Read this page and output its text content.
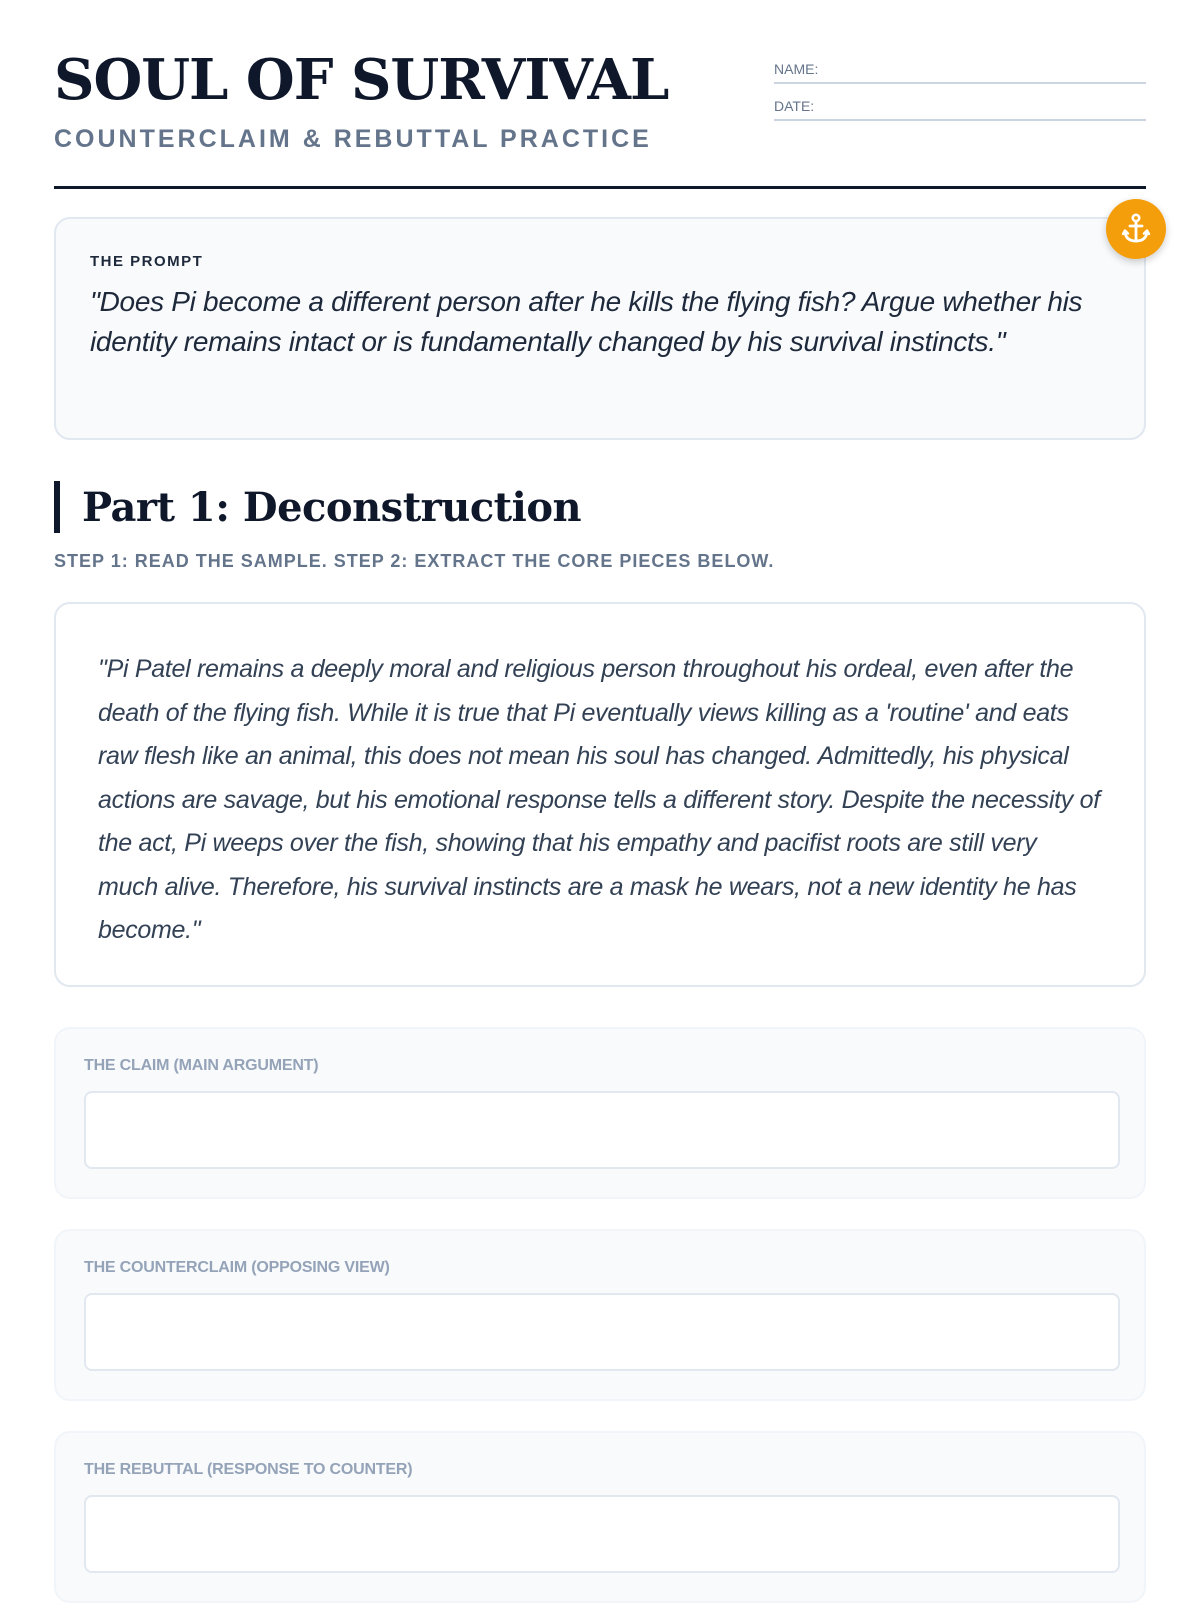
SOUL OF SURVIVAL
COUNTERCLAIM & REBUTTAL PRACTICE
NAME:
DATE:
THE PROMPT
"Does Pi become a different person after he kills the flying fish? Argue whether his identity remains intact or is fundamentally changed by his survival instincts."
Part 1: Deconstruction
STEP 1: READ THE SAMPLE. STEP 2: EXTRACT THE CORE PIECES BELOW.

"Pi Patel remains a deeply moral and religious person throughout his ordeal, even after the death of the flying fish. While it is true that Pi eventually views killing as a 'routine' and eats raw flesh like an animal, this does not mean his soul has changed. Admittedly, his physical actions are savage, but his emotional response tells a different story. Despite the necessity of the act, Pi weeps over the fish, showing that his empathy and pacifist roots are still very much alive. Therefore, his survival instincts are a mask he wears, not a new identity he has become."

THE CLAIM (MAIN ARGUMENT)
THE COUNTERCLAIM (OPPOSING VIEW)
THE REBUTTAL (RESPONSE TO COUNTER)
